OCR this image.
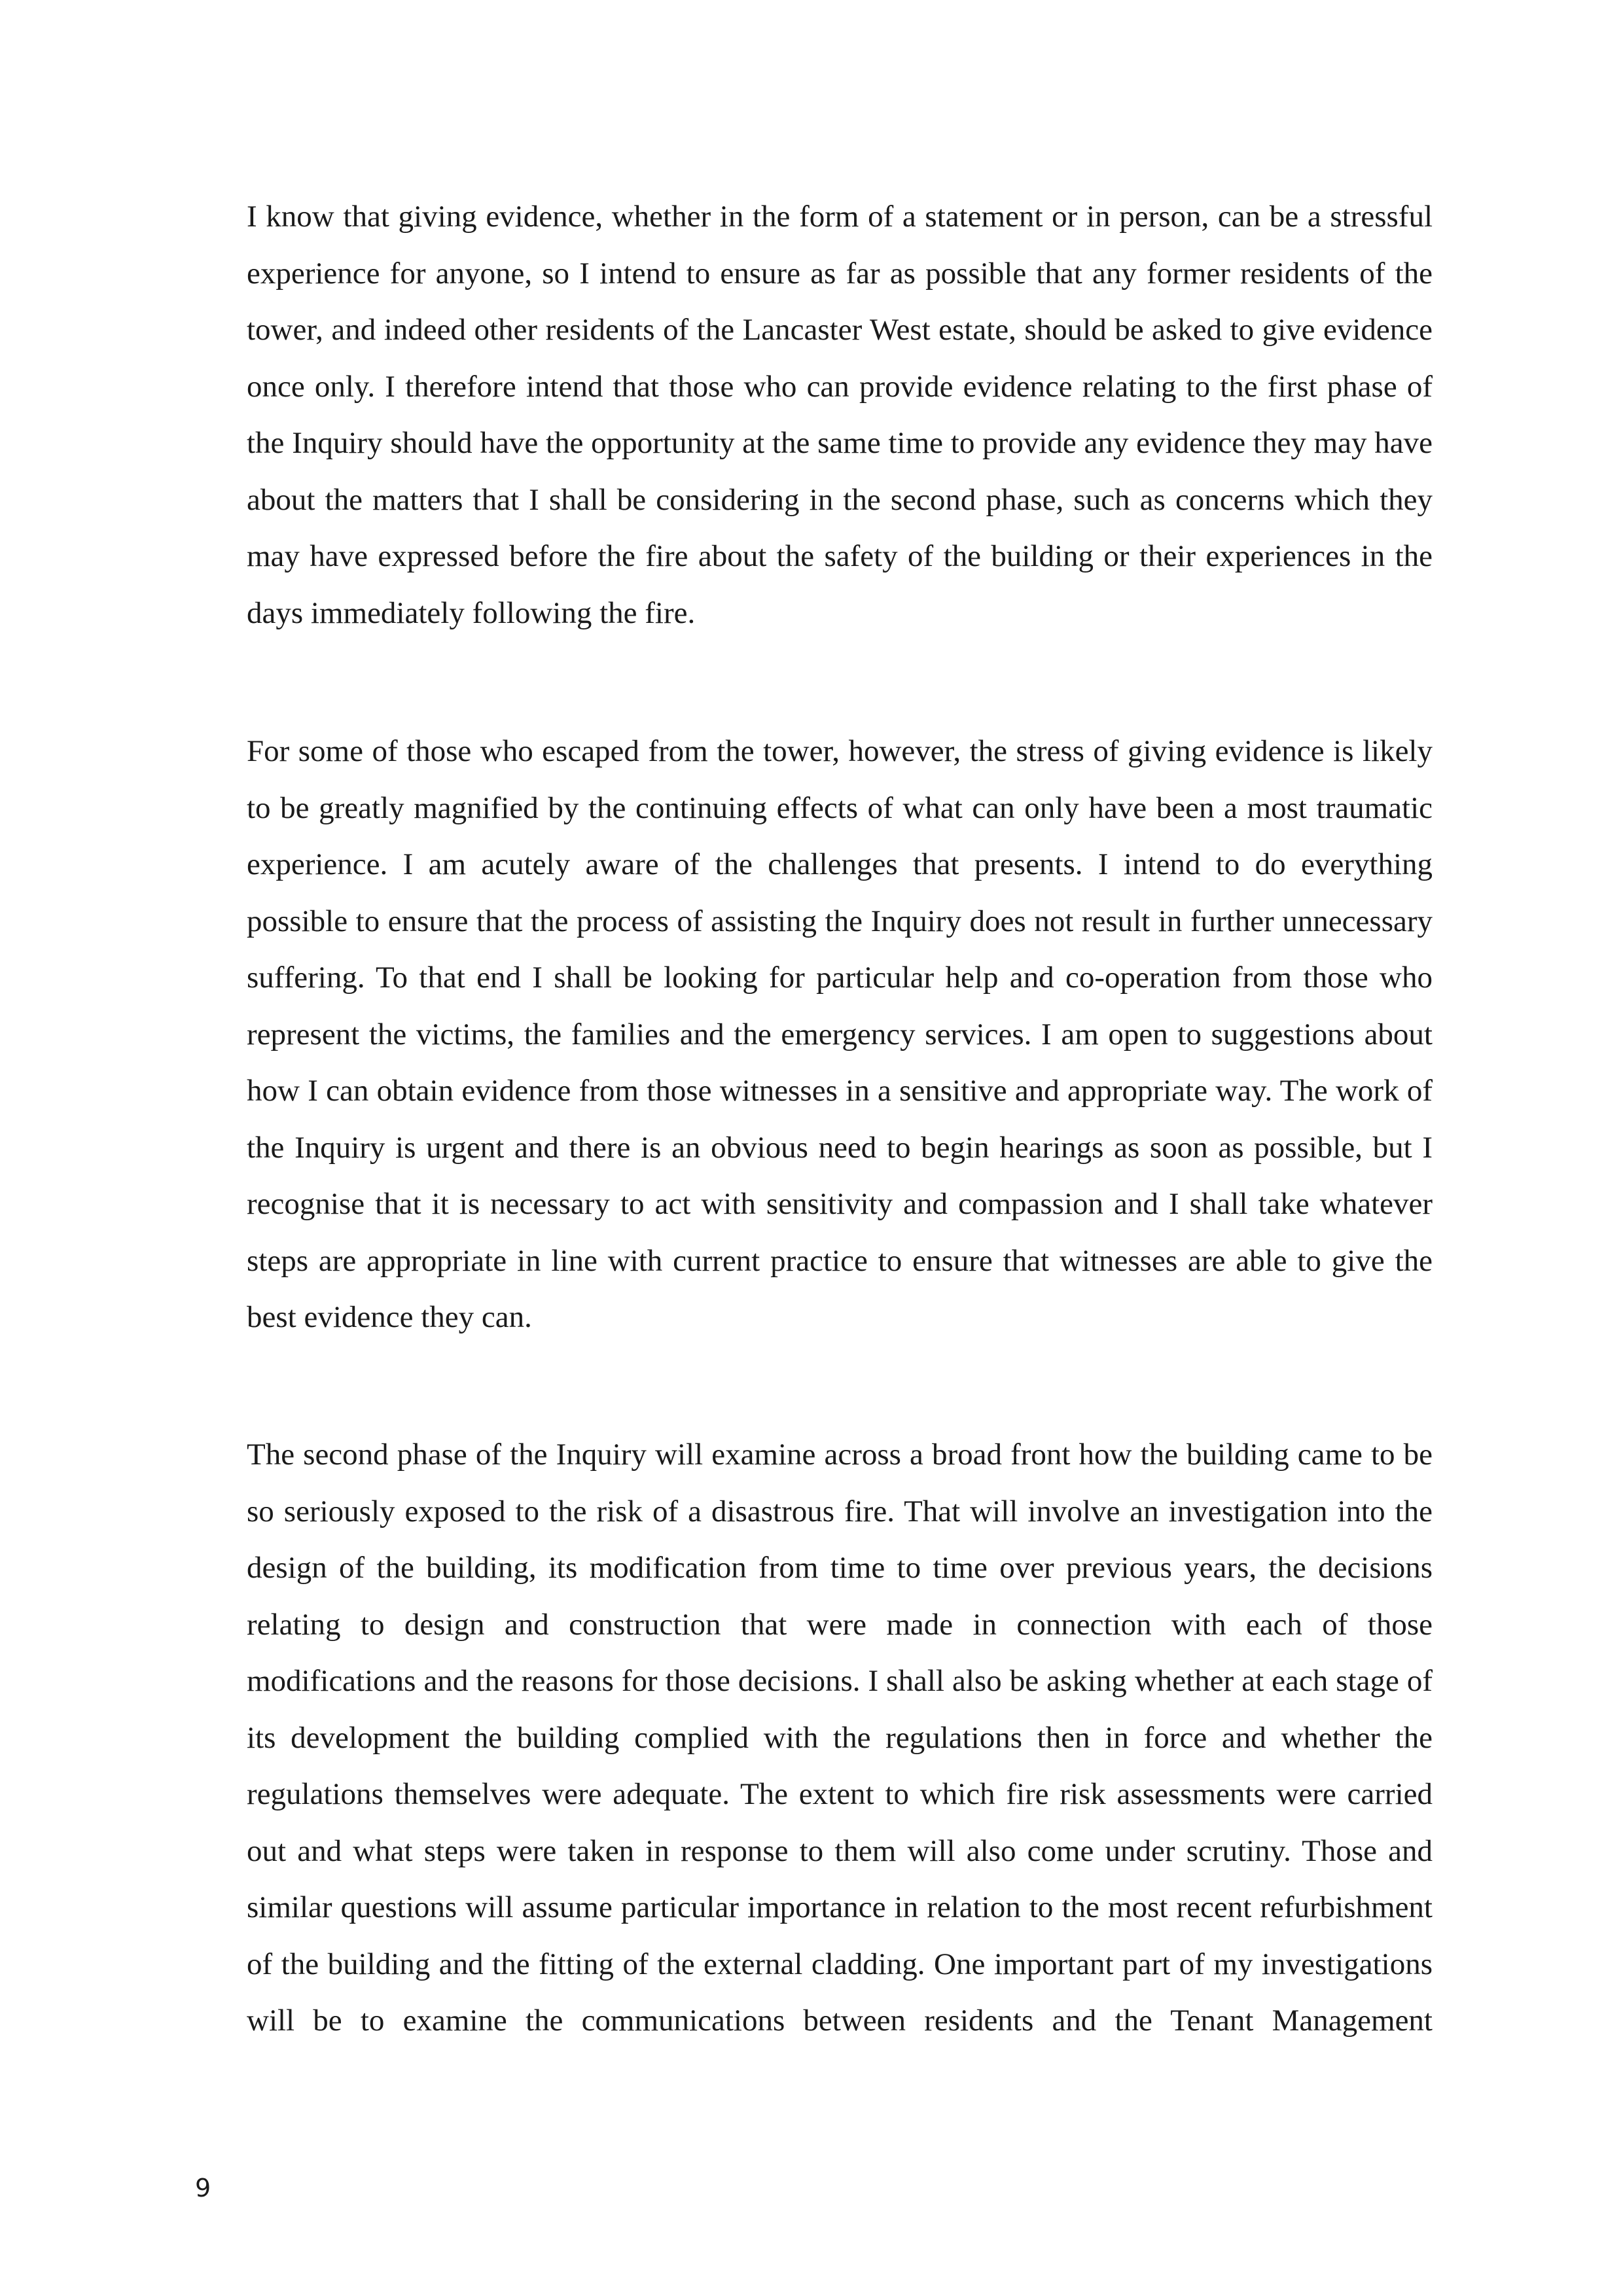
I know that giving evidence, whether in the form of a statement or in person, can be a stressful experience for anyone, so I intend to ensure as far as possible that any former residents of the tower, and indeed other residents of the Lancaster West estate, should be asked to give evidence once only. I therefore intend that those who can provide evidence relating to the first phase of the Inquiry should have the opportunity at the same time to provide any evidence they may have about the matters that I shall be considering in the second phase, such as concerns which they may have expressed before the fire about the safety of the building or their experiences in the days immediately following the fire.

For some of those who escaped from the tower, however, the stress of giving evidence is likely to be greatly magnified by the continuing effects of what can only have been a most traumatic experience. I am acutely aware of the challenges that presents. I intend to do everything possible to ensure that the process of assisting the Inquiry does not result in further unnecessary suffering. To that end I shall be looking for particular help and co-operation from those who represent the victims, the families and the emergency services. I am open to suggestions about how I can obtain evidence from those witnesses in a sensitive and appropriate way. The work of the Inquiry is urgent and there is an obvious need to begin hearings as soon as possible, but I recognise that it is necessary to act with sensitivity and compassion and I shall take whatever steps are appropriate in line with current practice to ensure that witnesses are able to give the best evidence they can.

The second phase of the Inquiry will examine across a broad front how the building came to be so seriously exposed to the risk of a disastrous fire. That will involve an investigation into the design of the building, its modification from time to time over previous years, the decisions relating to design and construction that were made in connection with each of those modifications and the reasons for those decisions. I shall also be asking whether at each stage of its development the building complied with the regulations then in force and whether the regulations themselves were adequate. The extent to which fire risk assessments were carried out and what steps were taken in response to them will also come under scrutiny. Those and similar questions will assume particular importance in relation to the most recent refurbishment of the building and the fitting of the external cladding. One important part of my investigations will be to examine the communications between residents and the Tenant Management

9
